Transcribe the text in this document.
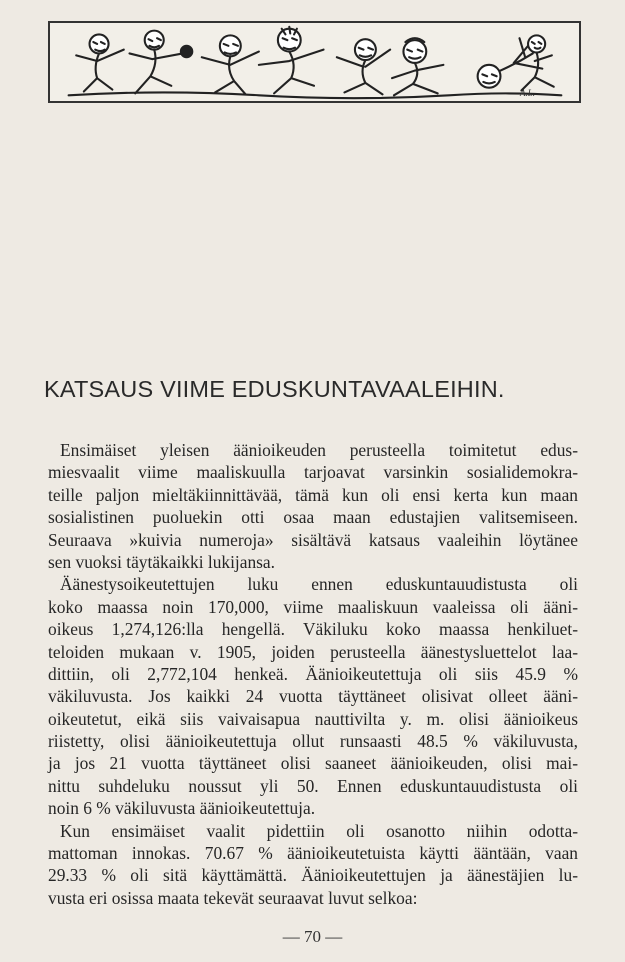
A.L.
KATSAUS VIIME EDUSKUNTAVAALEIHIN.
Ensimäiset yleisen äänioikeuden perusteella toimitetut edus-
miesvaalit viime maaliskuulla tarjoavat varsinkin sosialidemokra-
teille paljon mieltäkiinnittävää, tämä kun oli ensi kerta kun maan
sosialistinen puoluekin otti osaa maan edustajien valitsemiseen.
Seuraava »kuivia numeroja» sisältävä katsaus vaaleihin löytänee
sen vuoksi täytäkaikki lukijansa.
Äänestysoikeutettujen luku ennen eduskuntauudistusta oli
koko maassa noin 170,000, viime maaliskuun vaaleissa oli ääni-
oikeus 1,274,126:lla hengellä. Väkiluku koko maassa henkiluet-
teloiden mukaan v. 1905, joiden perusteella äänestysluettelot laa-
dittiin, oli 2,772,104 henkeä. Äänioikeutettuja oli siis 45.9 %
väkiluvusta. Jos kaikki 24 vuotta täyttäneet olisivat olleet ääni-
oikeutetut, eikä siis vaivaisapua nauttivilta y. m. olisi äänioikeus
riistetty, olisi äänioikeutettuja ollut runsaasti 48.5 % väkiluvusta,
ja jos 21 vuotta täyttäneet olisi saaneet äänioikeuden, olisi mai-
nittu suhdeluku noussut yli 50. Ennen eduskuntauudistusta oli
noin 6 % väkiluvusta äänioikeutettuja.
Kun ensimäiset vaalit pidettiin oli osanotto niihin odotta-
mattoman innokas. 70.67 % äänioikeutetuista käytti ääntään, vaan
29.33 % oli sitä käyttämättä. Äänioikeutettujen ja äänestäjien lu-
vusta eri osissa maata tekevät seuraavat luvut selkoa:
— 70 —
